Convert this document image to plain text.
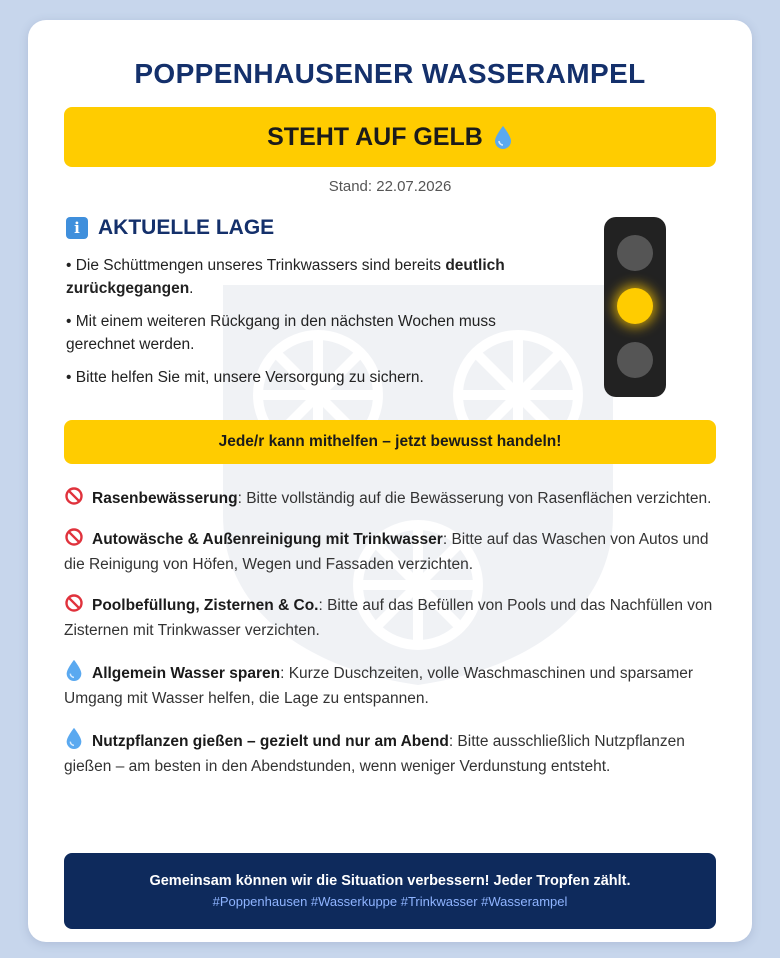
POPPENHAUSENER WASSERAMPEL
STEHT AUF GELB
Stand: 22.07.2026
i AKTUELLE LAGE

• Die Schüttmengen unseres Trinkwassers sind bereits deutlich zurückgegangen.

• Mit einem weiteren Rückgang in den nächsten Wochen muss gerechnet werden.

• Bitte helfen Sie mit, unsere Versorgung zu sichern.

Jede/r kann mithelfen – jetzt bewusst handeln!
Rasenbewässerung: Bitte vollständig auf die Bewässerung von Rasenflächen verzichten.
Autowäsche & Außenreinigung mit Trinkwasser: Bitte auf das Waschen von Autos und die Reinigung von Höfen, Wegen und Fassaden verzichten.
Poolbefüllung, Zisternen & Co.: Bitte auf das Befüllen von Pools und das Nachfüllen von Zisternen mit Trinkwasser verzichten.
Allgemein Wasser sparen: Kurze Duschzeiten, volle Waschmaschinen und sparsamer Umgang mit Wasser helfen, die Lage zu entspannen.
Nutzpflanzen gießen – gezielt und nur am Abend: Bitte ausschließlich Nutzpflanzen gießen – am besten in den Abendstunden, wenn weniger Verdunstung entsteht.
Gemeinsam können wir die Situation verbessern! Jeder Tropfen zählt.
#Poppenhausen #Wasserkuppe #Trinkwasser #Wasserampel
